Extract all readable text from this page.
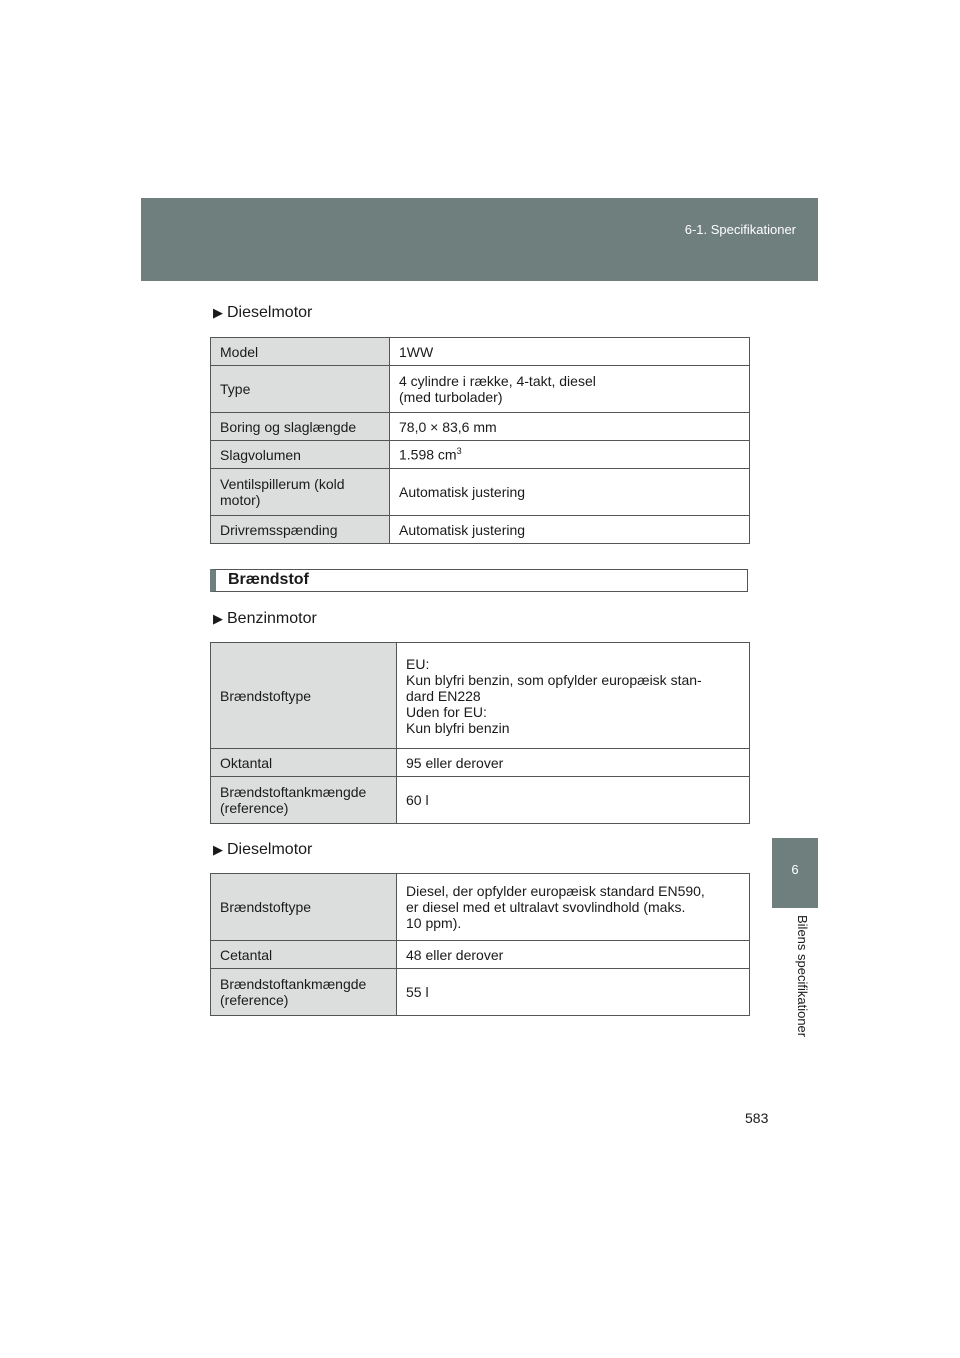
6-1. Specifikationer
6
Bilens specifikationer
▶ Dieselmotor
Model	1WW
Type	4 cylindre i række, 4-takt, diesel
(med turbolader)

Boring og slaglængde	78,0 × 83,6 mm
Slagvolumen	1.598 $cm^3$

Ventilspillerum (kold
motor)	Automatisk justering
Drivremsspænding	Automatisk justering
Brændstof
▶ Benzinmotor
Brændstoftype	EU:
Kun blyfri benzin, som opfylder europæisk stan-
dard EN228
Uden for EU:
Kun blyfri benzin

Oktantal	95 eller derover

Brændstoftankmængde
(reference)	60 l
▶ Dieselmotor
Brændstoftype	Diesel, der opfylder europæisk standard EN590,
er diesel med et ultralavt svovlindhold (maks.
10 ppm).

Cetantal	48 eller derover

Brændstoftankmængde
(reference)	55 l
583
